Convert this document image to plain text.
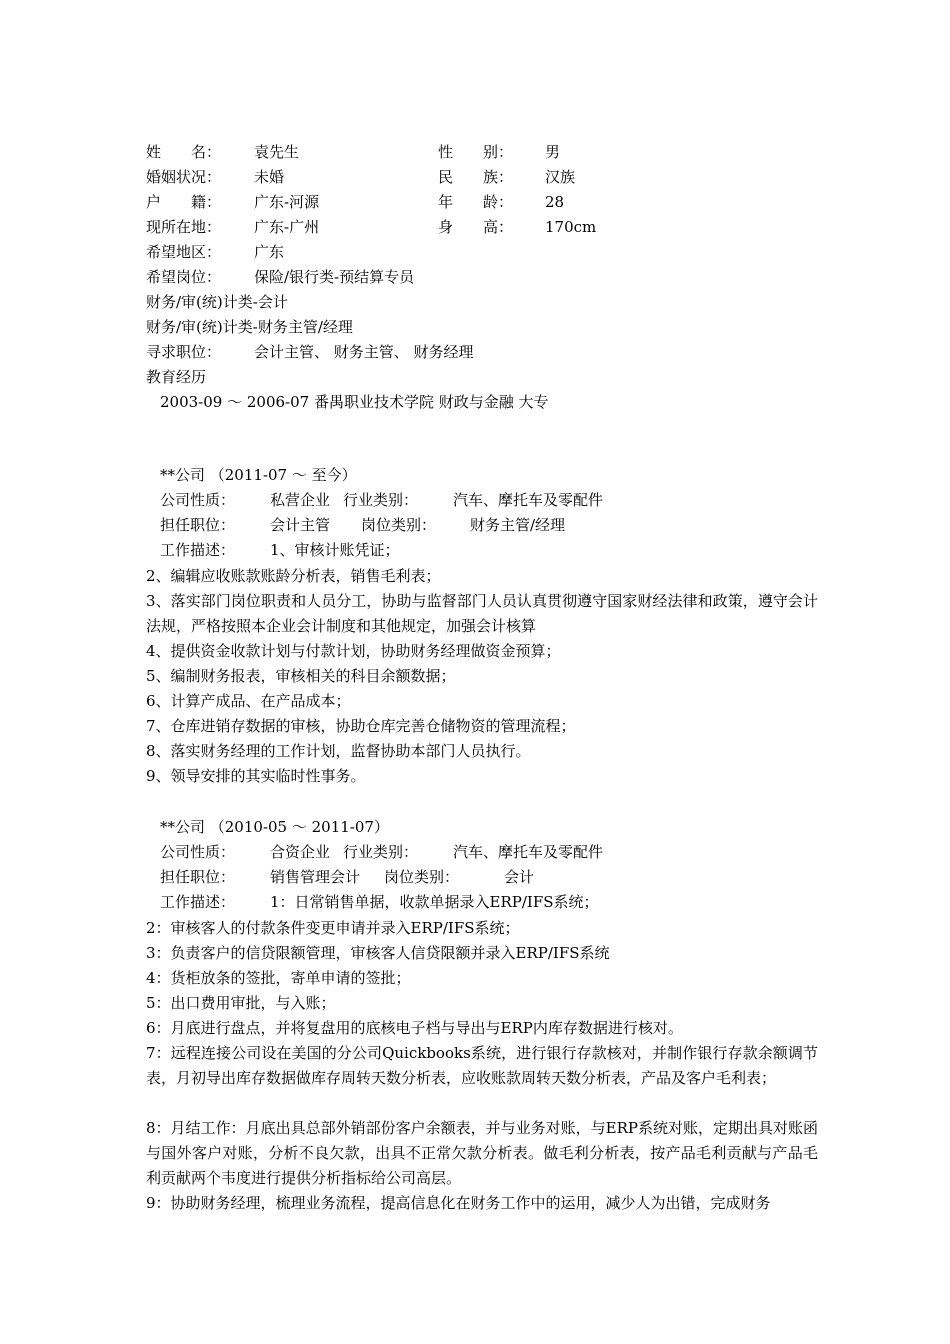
姓　　名： 袁先生	性　　别： 男
婚姻状况： 未婚	民　　族： 汉族
户　　籍： 广东-河源	年　　龄： 28
现所在地： 广东-广州	身　　高： 170cm
希望地区： 广东
希望岗位： 保险/银行类-预结算专员
财务/审(统)计类-会计
财务/审(统)计类-财务主管/经理
寻求职位： 会计主管、 财务主管、 财务经理
教育经历
2003-09 ～ 2006-07 番禺职业技术学院 财政与金融 大专
**公司 （2011-07 ～ 至今）
公司性质： 私营企业 行业类别： 汽车、摩托车及零配件
担任职位： 会计主管 岗位类别： 财务主管/经理
工作描述： 1、审核计账凭证；
2、编辑应收账款账龄分析表，销售毛利表；
3、落实部门岗位职责和人员分工，协助与监督部门人员认真贯彻遵守国家财经法律和政策，遵守会计法规，严格按照本企业会计制度和其他规定，加强会计核算
4、提供资金收款计划与付款计划，协助财务经理做资金预算；
5、编制财务报表，审核相关的科目余额数据；
6、计算产成品、在产品成本；
7、仓库进销存数据的审核，协助仓库完善仓储物资的管理流程；
8、落实财务经理的工作计划，监督协助本部门人员执行。
9、领导安排的其实临时性事务。
**公司 （2010-05 ～ 2011-07）
公司性质： 合资企业 行业类别： 汽车、摩托车及零配件
担任职位： 销售管理会计 岗位类别：	会计
工作描述： 1：日常销售单据，收款单据录入ERP/IFS系统；
2：审核客人的付款条件变更申请并录入ERP/IFS系统；
3：负责客户的信贷限额管理，审核客人信贷限额并录入ERP/IFS系统
4：货柜放条的签批，寄单申请的签批；
5：出口费用审批，与入账；
6：月底进行盘点，并将复盘用的底核电子档与导出与ERP内库存数据进行核对。
7：远程连接公司设在美国的分公司Quickbooks系统，进行银行存款核对，并制作银行存款余额调节表，月初导出库存数据做库存周转天数分析表，应收账款周转天数分析表，产品及客户毛利表；
8：月结工作：月底出具总部外销部份客户余额表，并与业务对账，与ERP系统对账，定期出具对账函与国外客户对账，分析不良欠款，出具不正常欠款分析表。做毛利分析表，按产品毛利贡献与产品毛利贡献两个韦度进行提供分析指标给公司高层。
9：协助财务经理，梳理业务流程，提高信息化在财务工作中的运用，减少人为出错，完成财务
